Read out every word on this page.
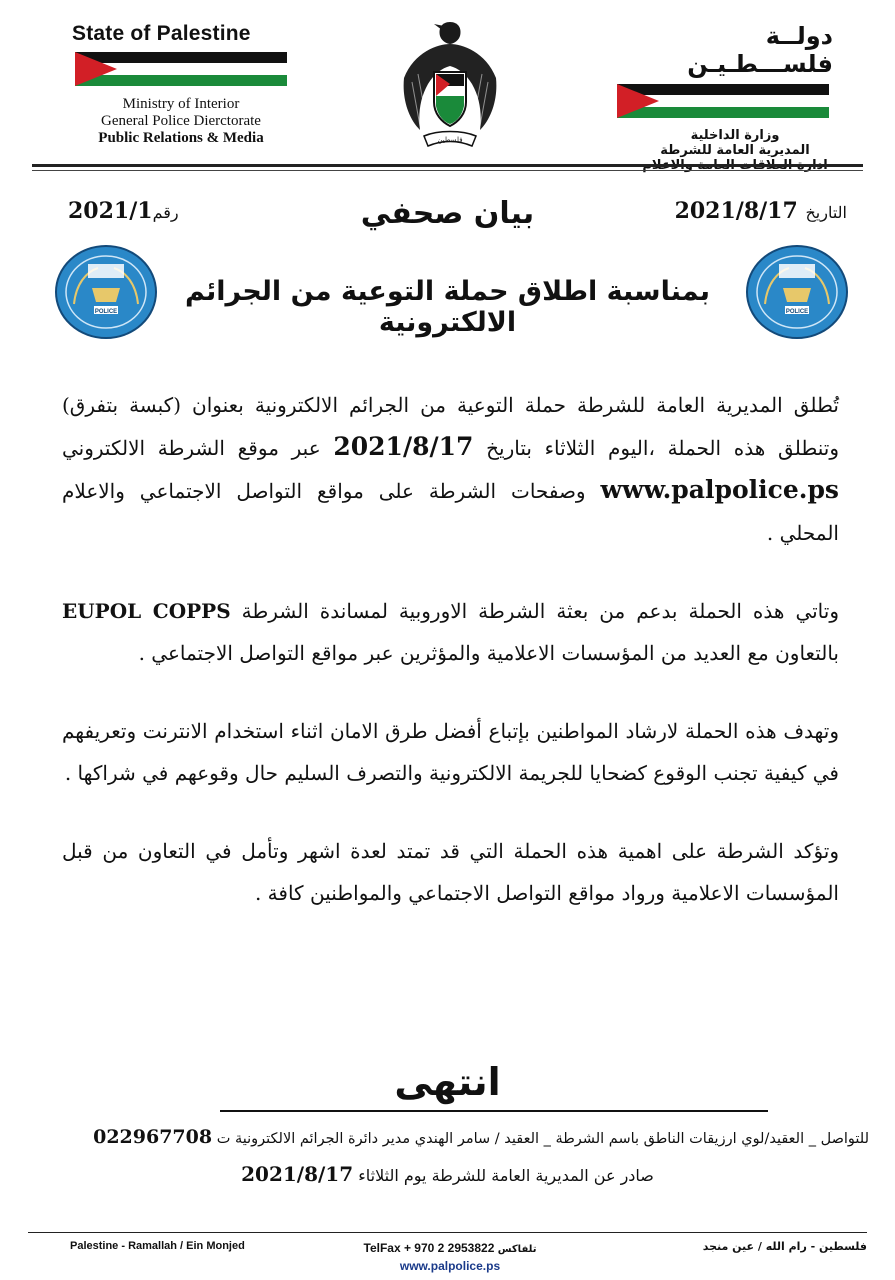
State of Palestine
Ministry of Interior
General Police Dierctorate
Public Relations & Media	فلسطين
دولــة فلســـطـيـن
وزارة الداخلية
المديرية العامة للشرطة
رقم2021/1	بيان صحفي	التاريخ 2021/8/17
POLICE
بمناسبة اطلاق حملة التوعية من الجرائم الالكترونية	POLICE

تُطلق المديرية العامة للشرطة حملة التوعية من الجرائم الالكترونية بعنوان (كبسة بتفرق) وتنطلق هذه الحملة ،اليوم الثلاثاء بتاريخ 2021/8/17 عبر موقع الشرطة الالكتروني www.palpolice.ps وصفحات الشرطة على مواقع التواصل الاجتماعي والاعلام المحلي .

وتاتي هذه الحملة بدعم من بعثة الشرطة الاوروبية لمساندة الشرطة EUPOL COPPS بالتعاون مع العديد من المؤسسات الاعلامية والمؤثرين عبر مواقع التواصل الاجتماعي .

وتهدف هذه الحملة لارشاد المواطنين بإتباع أفضل طرق الامان اثناء استخدام الانترنت وتعريفهم في كيفية تجنب الوقوع كضحايا للجريمة الالكترونية والتصرف السليم حال وقوعهم في شراكها .

وتؤكد الشرطة على اهمية هذه الحملة التي قد تمتد لعدة اشهر وتأمل في التعاون من قبل المؤسسات الاعلامية ورواد مواقع التواصل الاجتماعي والمواطنين كافة .

انتهى
للتواصل _ العقيد/لوي ارزيقات الناطق باسم الشرطة _ العقيد / سامر الهندي مدير دائرة الجرائم الالكترونية ت 022967708
صادر عن المديرية العامة للشرطة يوم الثلاثاء 2021/8/17
Palestine - Ramallah / Ein Monjed	TelFax + 970 2 2953822 تلفاكس
www.palpolice.ps
فلسطين - رام الله / عين منجد
